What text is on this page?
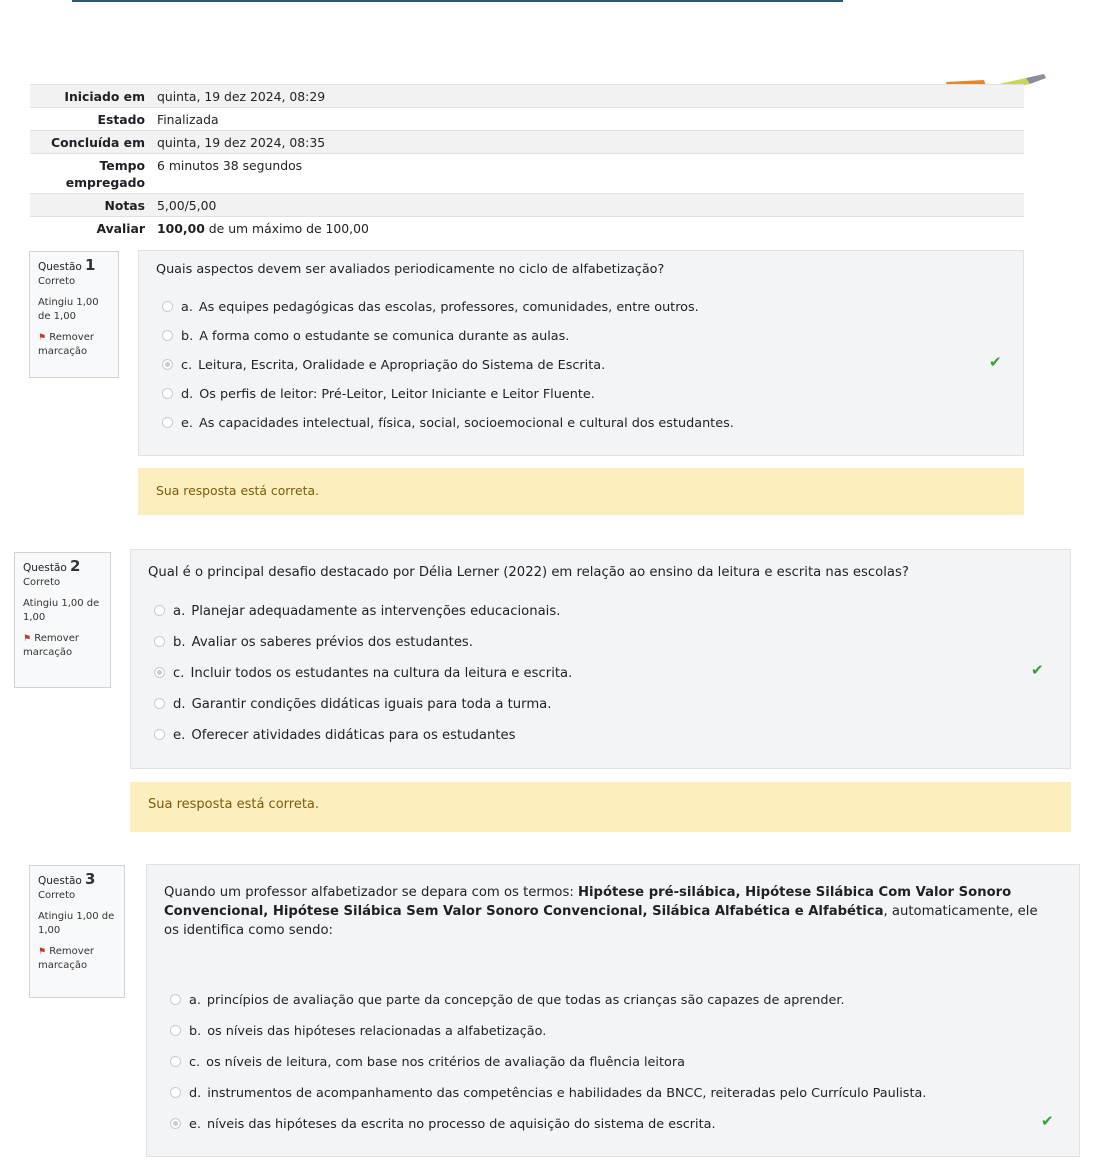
Iniciado em quinta, 19 dez 2024, 08:29
Estado Finalizada
Concluída em quinta, 19 dez 2024, 08:35
Tempo empregado
6 minutos 38 segundos
Notas 5,00/5,00
Avaliar 100,00 de um máximo de 100,00
Questão 1
Correto
Atingiu 1,00 de 1,00
⚑ Remover marcação
Quais aspectos devem ser avaliados periodicamente no ciclo de alfabetização?
a. As equipes pedagógicas das escolas, professores, comunidades, entre outros.
b. A forma como o estudante se comunica durante as aulas.
c. Leitura, Escrita, Oralidade e Apropriação do Sistema de Escrita.	✔
d. Os perfis de leitor: Pré-Leitor, Leitor Iniciante e Leitor Fluente.
e. As capacidades intelectual, física, social, socioemocional e cultural dos estudantes.
Sua resposta está correta.
Questão 2
Correto
Atingiu 1,00 de 1,00
⚑ Remover marcação
Qual é o principal desafio destacado por Délia Lerner (2022) em relação ao ensino da leitura e escrita nas escolas?
a. Planejar adequadamente as intervenções educacionais.
b. Avaliar os saberes prévios dos estudantes.
c. Incluir todos os estudantes na cultura da leitura e escrita.	✔
d. Garantir condições didáticas iguais para toda a turma.
e. Oferecer atividades didáticas para os estudantes
Sua resposta está correta.
Questão 3
Correto
Atingiu 1,00 de 1,00
⚑ Remover marcação
Quando um professor alfabetizador se depara com os termos: Hipótese pré-silábica, Hipótese Silábica Com Valor Sonoro Convencional, Hipótese Silábica Sem Valor Sonoro Convencional, Silábica Alfabética e Alfabética, automaticamente, ele os identifica como sendo:
a. princípios de avaliação que parte da concepção de que todas as crianças são capazes de aprender.
b. os níveis das hipóteses relacionadas a alfabetização.
c. os níveis de leitura, com base nos critérios de avaliação da fluência leitora
d. instrumentos de acompanhamento das competências e habilidades da BNCC, reiteradas pelo Currículo Paulista.
e. níveis das hipóteses da escrita no processo de aquisição do sistema de escrita.	✔
